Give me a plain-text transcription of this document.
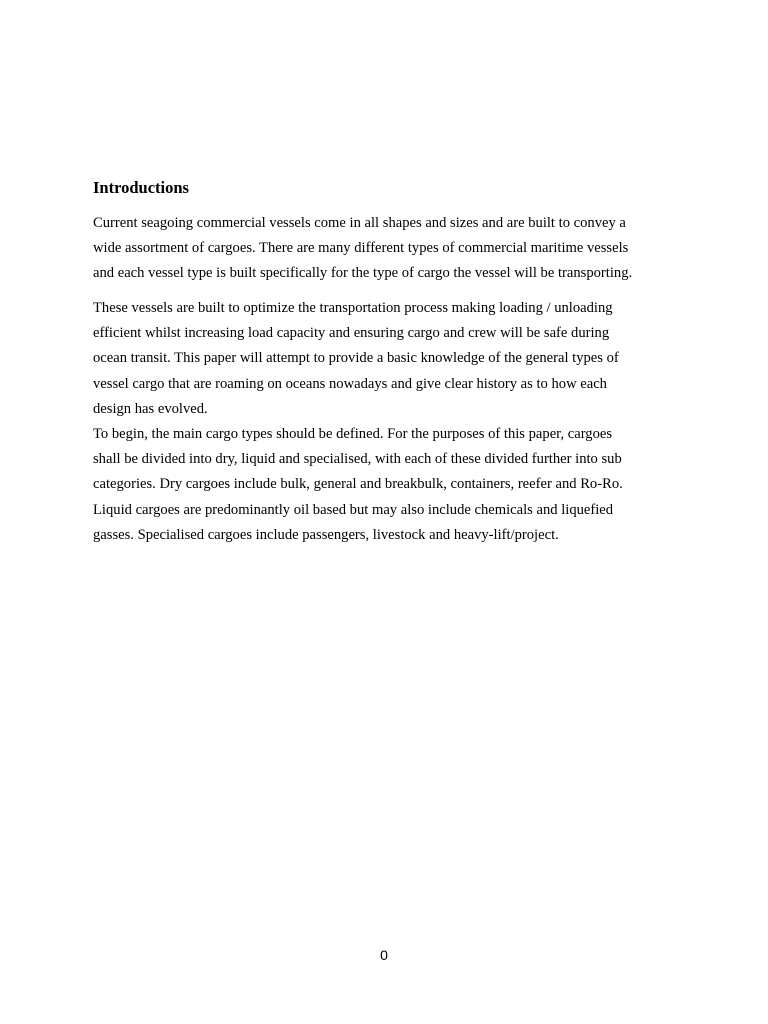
Introductions
Current seagoing commercial vessels come in all shapes and sizes and are built to convey a
wide assortment of cargoes. There are many different types of commercial maritime vessels
and each vessel type is built specifically for the type of cargo the vessel will be transporting.
These vessels are built to optimize the transportation process making loading / unloading
efficient whilst increasing load capacity and ensuring cargo and crew will be safe during
ocean transit. This paper will attempt to provide a basic knowledge of the general types of
vessel cargo that are roaming on oceans nowadays and give clear history as to how each
design has evolved.
To begin, the main cargo types should be defined. For the purposes of this paper, cargoes
shall be divided into dry, liquid and specialised, with each of these divided further into sub
categories. Dry cargoes include bulk, general and breakbulk, containers, reefer and Ro-Ro.
Liquid cargoes are predominantly oil based but may also include chemicals and liquefied
gasses. Specialised cargoes include passengers, livestock and heavy-lift/project.
0
